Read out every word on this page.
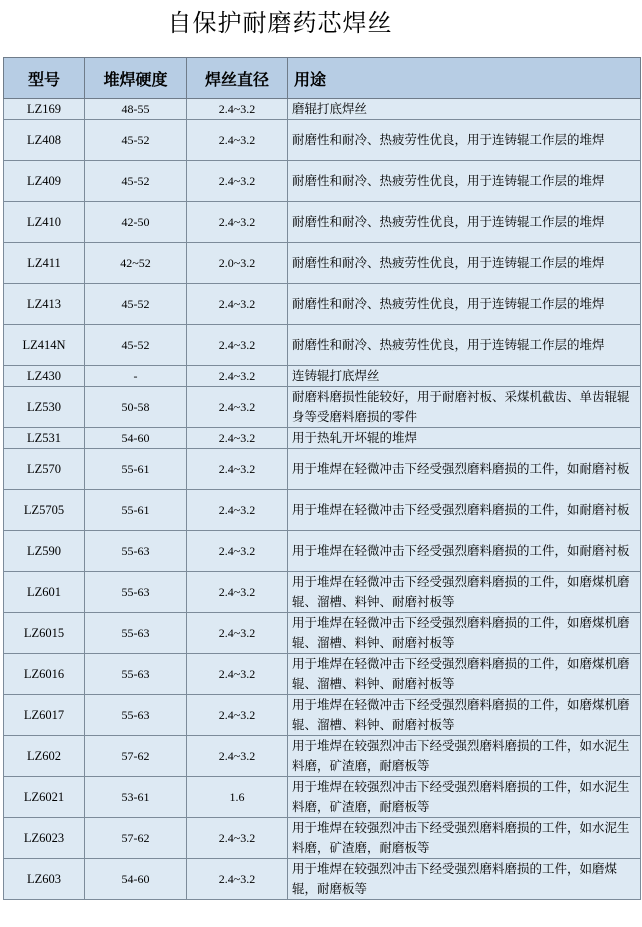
自保护耐磨药芯焊丝
型号	堆焊硬度	焊丝直径	用途
LZ169	48-55	2.4~3.2	磨辊打底焊丝
LZ408	45-52	2.4~3.2	耐磨性和耐冷、热疲劳性优良，用于连铸辊工作层的堆焊
LZ409	45-52	2.4~3.2	耐磨性和耐冷、热疲劳性优良，用于连铸辊工作层的堆焊
LZ410	42-50	2.4~3.2	耐磨性和耐冷、热疲劳性优良，用于连铸辊工作层的堆焊
LZ411	42~52	2.0~3.2	耐磨性和耐冷、热疲劳性优良，用于连铸辊工作层的堆焊
LZ413	45-52	2.4~3.2	耐磨性和耐冷、热疲劳性优良，用于连铸辊工作层的堆焊
LZ414N	45-52	2.4~3.2	耐磨性和耐冷、热疲劳性优良，用于连铸辊工作层的堆焊
LZ430	-	2.4~3.2	连铸辊打底焊丝
LZ530	50-58	2.4~3.2	耐磨料磨损性能较好，用于耐磨衬板、采煤机截齿、单齿辊辊身等受磨料磨损的零件
LZ531	54-60	2.4~3.2	用于热轧开坏辊的堆焊
LZ570	55-61	2.4~3.2	用于堆焊在轻微冲击下经受强烈磨料磨损的工件，如耐磨衬板
LZ5705	55-61	2.4~3.2	用于堆焊在轻微冲击下经受强烈磨料磨损的工件，如耐磨衬板
LZ590	55-63	2.4~3.2	用于堆焊在轻微冲击下经受强烈磨料磨损的工件，如耐磨衬板
LZ601	55-63	2.4~3.2	用于堆焊在轻微冲击下经受强烈磨料磨损的工件，如磨煤机磨辊、溜槽、料钟、耐磨衬板等
LZ6015	55-63	2.4~3.2	用于堆焊在轻微冲击下经受强烈磨料磨损的工件，如磨煤机磨辊、溜槽、料钟、耐磨衬板等
LZ6016	55-63	2.4~3.2	用于堆焊在轻微冲击下经受强烈磨料磨损的工件，如磨煤机磨辊、溜槽、料钟、耐磨衬板等
LZ6017	55-63	2.4~3.2	用于堆焊在轻微冲击下经受强烈磨料磨损的工件，如磨煤机磨辊、溜槽、料钟、耐磨衬板等
LZ602	57-62	2.4~3.2	用于堆焊在较强烈冲击下经受强烈磨料磨损的工件，如水泥生料磨，矿渣磨，耐磨板等
LZ6021	53-61	1.6	用于堆焊在较强烈冲击下经受强烈磨料磨损的工件，如水泥生料磨，矿渣磨，耐磨板等
LZ6023	57-62	2.4~3.2	用于堆焊在较强烈冲击下经受强烈磨料磨损的工件，如水泥生料磨，矿渣磨，耐磨板等
LZ603	54-60	2.4~3.2	用于堆焊在较强烈冲击下经受强烈磨料磨损的工件，如磨煤辊，耐磨板等
